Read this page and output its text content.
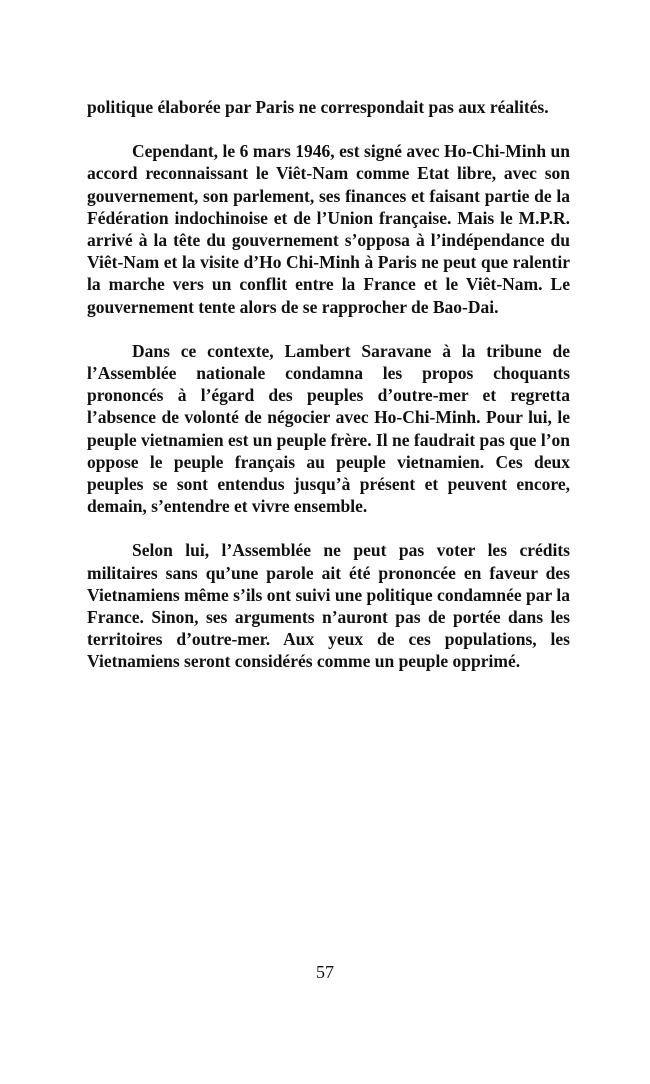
politique élaborée par Paris ne correspondait pas aux réalités.

Cependant, le 6 mars 1946, est signé avec Ho-Chi-Minh un accord reconnaissant le Viêt-Nam comme Etat libre, avec son gouvernement, son parlement, ses finances et faisant partie de la Fédération indochinoise et de l’Union française. Mais le M.P.R. arrivé à la tête du gouvernement s’opposa à l’indépendance du Viêt-Nam et la visite d’Ho Chi-Minh à Paris ne peut que ralentir la marche vers un conflit entre la France et le Viêt-Nam. Le gouvernement tente alors de se rapprocher de Bao-Dai.

Dans ce contexte, Lambert Saravane à la tribune de l’Assemblée nationale condamna les propos choquants prononcés à l’égard des peuples d’outre-mer et regretta l’absence de volonté de négocier avec Ho-Chi-Minh. Pour lui, le peuple vietnamien est un peuple frère. Il ne faudrait pas que l’on oppose le peuple français au peuple vietnamien. Ces deux peuples se sont entendus jusqu’à présent et peuvent encore, demain, s’entendre et vivre ensemble.

Selon lui, l’Assemblée ne peut pas voter les crédits militaires sans qu’une parole ait été prononcée en faveur des Vietnamiens même s’ils ont suivi une politique condamnée par la France. Sinon, ses arguments n’auront pas de portée dans les territoires d’outre-mer. Aux yeux de ces populations, les Vietnamiens seront considérés comme un peuple opprimé.

57
